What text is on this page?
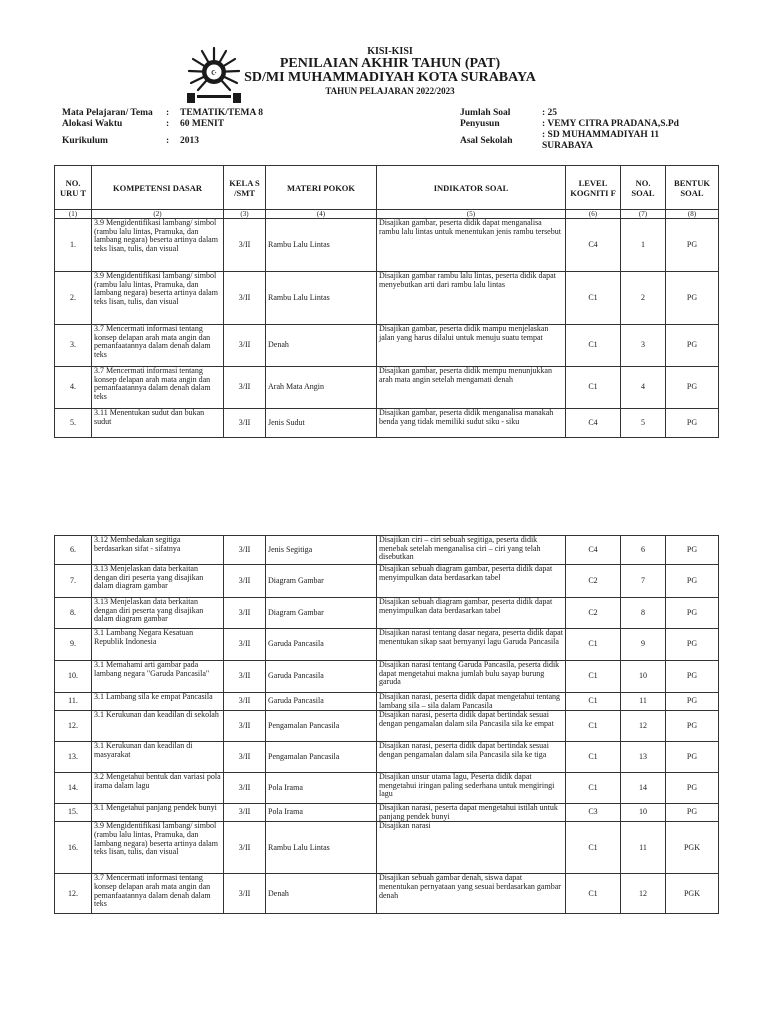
☪
KISI-KISI
PENILAIAN AKHIR TAHUN (PAT)
SD/MI MUHAMMADIYAH KOTA SURABAYA
TAHUN PELAJARAN 2022/2023
Mata Pelajaran/ Tema : TEMATIK/TEMA 8
Alokasi Waktu	: 60 MENIT
Kurikulum	: 2013
Jumlah Soal	: 25
Penyusun	: VEMY CITRA PRADANA,S.Pd
Asal Sekolah
: SD MUHAMMADIYAH 11
SURABAYA
NO. URU T	KOMPETENSI DASAR	KELA S /SMT	MATERI POKOK	INDIKATOR SOAL	LEVEL KOGNITI F	NO. SOAL	BENTUK SOAL
(1)	(2)	(3)	(4)	(5)	(6)	(7)	(8)
1.	3.9 Mengidentifikasi lambang/ simbol (rambu lalu lintas, Pramuka, dan lambang negara) beserta artinya dalam teks lisan, tulis, dan visual	3/II	Rambu Lalu Lintas	Disajikan gambar, peserta didik dapat menganalisa rambu lalu lintas untuk menentukan jenis rambu tersebut	C4	1	PG
2.	3.9 Mengidentifikasi lambang/ simbol (rambu lalu lintas, Pramuka, dan lambang negara) beserta artinya dalam teks lisan, tulis, dan visual	3/II	Rambu Lalu Lintas	Disajikan gambar rambu lalu lintas, peserta didik dapat menyebutkan arti dari rambu lalu lintas	C1	2	PG
3.	3.7 Mencermati informasi tentang konsep delapan arah mata angin dan pemanfaatannya dalam denah dalam teks	3/II	Denah	Disajikan gambar, peserta didik mampu menjelaskan jalan yang harus dilalui untuk menuju suatu tempat	C1	3	PG
4.	3.7 Mencermati informasi tentang konsep delapan arah mata angin dan pemanfaatannya dalam denah dalam teks	3/II	Arah Mata Angin	Disajikan gambar, peserta didik mempu menunjukkan arah mata angin setelah mengamati denah	C1	4	PG
5.	3.11 Menentukan sudut dan bukan sudut	3/II	Jenis Sudut	Disajikan gambar, peserta didik menganalisa manakah benda yang tidak memiliki sudut siku - siku	C4	5	PG
6.	3.12 Membedakan segitiga berdasarkan sifat - sifatnya	3/II	Jenis Segitiga	Disajikan ciri – ciri sebuah segitiga, peserta didik menebak setelah menganalisa ciri – ciri yang telah disebutkan	C4	6	PG
7.	3.13 Menjelaskan data berkaitan dengan diri peserta yang disajikan dalam diagram gambar	3/II	Diagram Gambar	Disajikan sebuah diagram gambar, peserta didik dapat menyimpulkan data berdasarkan tabel	C2	7	PG
8.	3.13 Menjelaskan data berkaitan dengan diri peserta yang disajikan dalam diagram gambar	3/II	Diagram Gambar	Disajikan sebuah diagram gambar, peserta didik dapat menyimpulkan data berdasarkan tabel	C2	8	PG
9.	3.1 Lambang Negara Kesatuan Republik Indonesia	3/II	Garuda Pancasila	Disajikan narasi tentang dasar negara, peserta didik dapat menentukan sikap saat bernyanyi lagu Garuda Pancasila	C1	9	PG
10.	3.1 Memahami arti gambar pada lambang negara "Garuda Pancasila"	3/II	Garuda Pancasila	Disajikan narasi tentang Garuda Pancasila, peserta didik dapat mengetahui makna jumlah bulu sayap burung garuda	C1	10	PG
11.	3.1 Lambang sila ke empat Pancasila	3/II	Garuda Pancasila	Disajikan narasi, peserta didik dapat mengetahui tentang lambang sila – sila dalam Pancasila	C1	11	PG
12.	3.1 Kerukunan dan keadilan di sekolah	3/II	Pengamalan Pancasila	Disajikan narasi, peserta didik dapat bertindak sesuai dengan pengamalan dalam sila Pancasila sila ke empat	C1	12	PG
13.	3.1 Kerukunan dan keadilan di masyarakat	3/II	Pengamalan Pancasila	Disajikan narasi, peserta didik dapat bertindak sesuai dengan pengamalan dalam sila Pancasila sila ke tiga	C1	13	PG
14.	3.2 Mengetahui bentuk dan variasi pola irama dalam lagu	3/II	Pola Irama	Disajikan unsur utama lagu, Peserta didik dapat mengetahui iringan paling sederhana untuk mengiringi lagu	C1	14	PG
15.	3.1 Mengetahui panjang pendek bunyi	3/II	Pola Irama	Disajikan narasi, peserta dapat mengetahui istilah untuk panjang pendek bunyi	C3	10	PG
16.	3.9 Mengidentifikasi lambang/ simbol (rambu lalu lintas, Pramuka, dan lambang negara) beserta artinya dalam teks lisan, tulis, dan visual	3/II	Rambu Lalu Lintas	Disajikan narasi	C1	11	PGK
12.	3.7 Mencermati informasi tentang konsep delapan arah mata angin dan pemanfaatannya dalam denah dalam teks	3/II	Denah	Disajikan sebuah gambar denah, siswa dapat menentukan pernyataan yang sesuai berdasarkan gambar denah	C1	12	PGK
